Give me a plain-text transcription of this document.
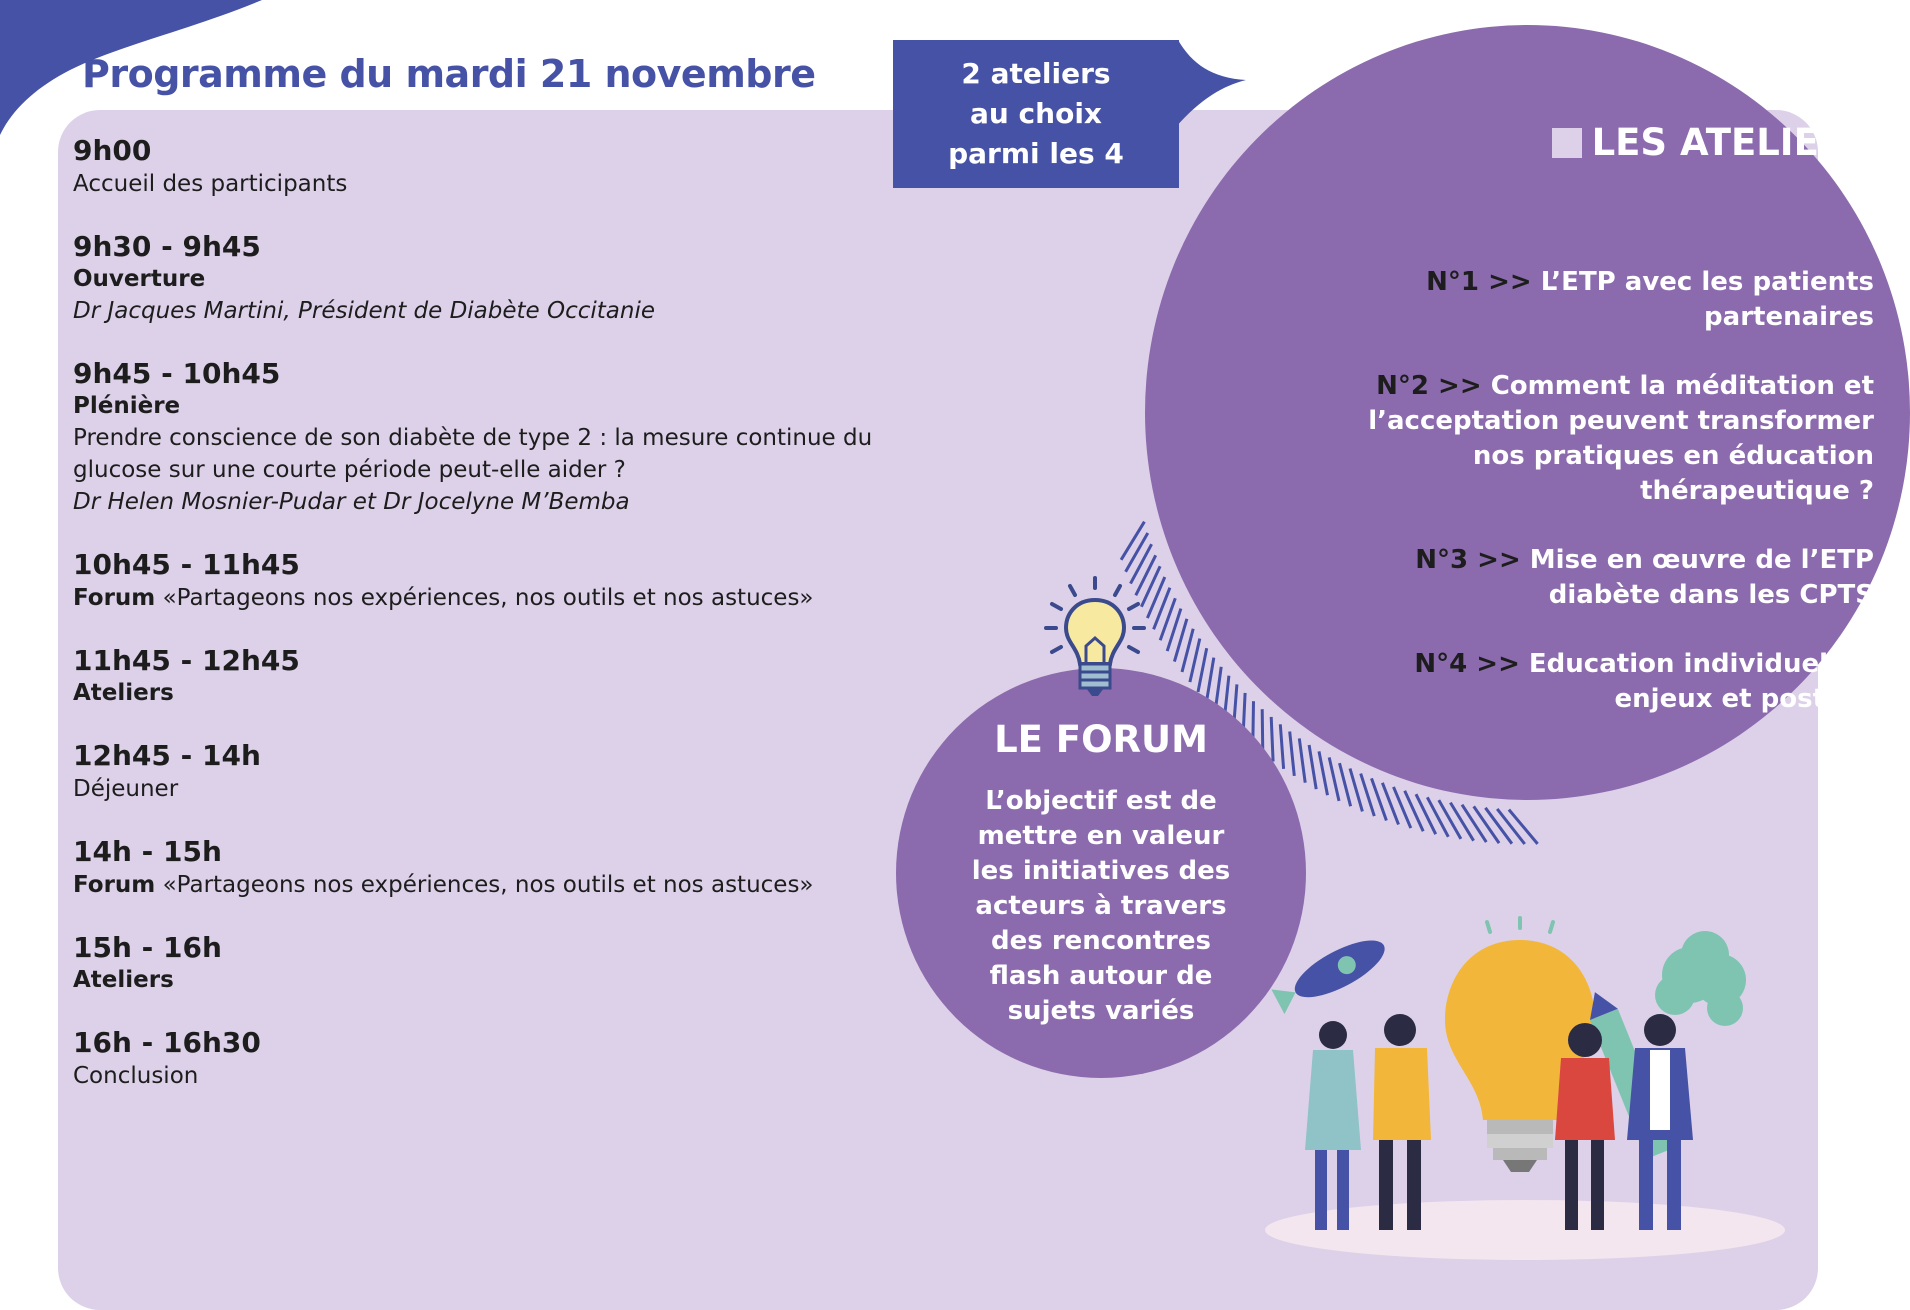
Programme du mardi 21 novembre
9h00
Accueil des participants
9h30 - 9h45
Ouverture
Dr Jacques Martini, Président de Diabète Occitanie
9h45 - 10h45
Plénière
Prendre conscience de son diabète de type 2 : la mesure continue du glucose sur une courte période peut-elle aider ?
Dr Helen Mosnier-Pudar et Dr Jocelyne M’Bemba
10h45 - 11h45
Forum «Partageons nos expériences, nos outils et nos astuces»
11h45 - 12h45
Ateliers
12h45 - 14h
Déjeuner
14h - 15h
Forum «Partageons nos expériences, nos outils et nos astuces»
15h - 16h
Ateliers
16h - 16h30
Conclusion
LES ATELIERS
N°1 >> L’ETP avec les patients partenaires
N°2 >> Comment la méditation et l’acceptation peuvent transformer nos pratiques en éducation thérapeutique ?
N°3 >> Mise en œuvre de l’ETP diabète dans les CPTS
N°4 >> Education individuelle : enjeux et posture
2 ateliers
au choix
parmi les 4
LE FORUM
L’objectif est de mettre en valeur les initiatives des acteurs à travers des rencontres flash autour de sujets variés
